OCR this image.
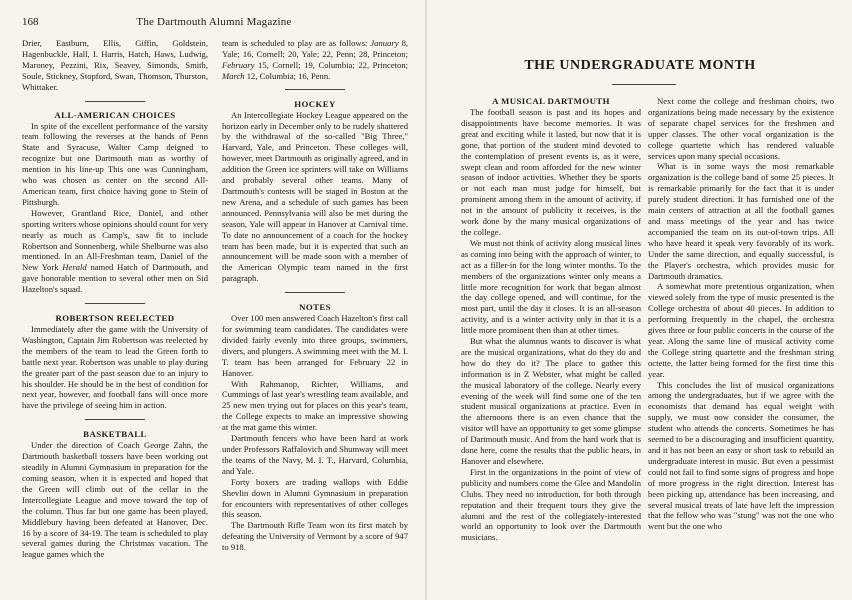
168	The Dartmouth Alumni Magazine

Drier, Eastburn, Ellis, Giffin, Goldstein, Hagenbuckle, Hall, I. Harris, Hatch, Haws, Ludwig, Maroney, Pezzini, Rix, Seavey, Simonds, Smith, Soule, Stickney, Stopford, Swan, Thomson, Thurston, Whittaker.

ALL-AMERICAN CHOICES

In spite of the excellent performance of the varsity team following the reverses at the hands of Penn State and Syracuse, Walter Camp deigned to recognize but one Dartmouth man as worthy of mention in his line-up This one was Cunningham, who was chosen as center on the second All-American team, first choice having gone to Stein of Pittsburgh.

However, Grantland Rice, Daniel, and other sporting writers whose opinions should count for very nearly as much as Camp's, saw fit to include Robertson and Sonnenberg, while Shelburne was also mentioned. In an All-Freshman team, Daniel of the New York Herald named Hatch of Dartmouth, and gave honorable mention to several other men on Sid Hazelton's squad.

ROBERTSON REELECTED

Immediately after the game with the University of Washington, Captain Jim Robertson was reelected by the members of the team to lead the Green forth to battle next year. Robertson was unable to play during the greater part of the past season due to an injury to his shoulder. He should be in the best of condition for next year, however, and football fans will once more have the privilege of seeing him in action.

BASKETBALL

Under the direction of Coach George Zahn, the Dartmouth basketball tossers have been working out steadily in Alumni Gymnasium in preparation for the coming season, when it is expected and hoped that the Green will climb out of the cellar in the Intercollegiate League and move toward the top of the column. Thus far but one game has been played, Middlebury having been defeated at Hanover, Dec. 16 by a score of 34-19. The team is scheduled to play several games during the Christmas vacation. The league games which the

team is scheduled to play are as follows: January 8, Yale; 16, Cornell; 20, Yale; 22, Penn; 28, Princeton; February 15, Cornell; 19, Columbia; 22, Princeton; March 12, Columbia; 16, Penn.

HOCKEY

An Intercollegiate Hockey League appeared on the horizon early in December only to be rudely shattered by the withdrawal of the so-called "Big Three," Harvard, Yale, and Princeton. These colleges will, however, meet Dartmouth as originally agreed, and in addition the Green ice sprinters will take on Williams and probably several other teams. Many of Dartmouth's contests will be staged in Boston at the new Arena, and a schedule of such games has been announced. Pennsylvania will also be met during the season, Yale will appear in Hanover at Carnival time. To date no announcement of a coach for the hockey team has been made, but it is expected that such an announcement will be made soon with a member of the American Olympic team named in the first paragraph.

NOTES

Over 100 men answered Coach Hazelton's first call for swimming team candidates. The candidates were divided fairly evenly into three groups, swimmers, divers, and plungers. A swimming meet with the M. I. T. team has been arranged for February 22 in Hanover.

With Rahmanop, Richter, Williams, and Cummings of last year's wrestling team available, and 25 new men trying out for places on this year's team, the College expects to make an impressive showing at the mat game this winter.

Dartmouth fencers who have been hard at work under Professors Raffalovich and Shumway will meet the teams of the Navy, M. I. T., Harvard, Columbia, and Yale.

Forty boxers are trading wallops with Eddie Shevlin down in Alumni Gymnasium in preparation for encounters with representatives of other colleges this season.

The Dartmouth Rifle Team won its first match by defeating the University of Vermont by a score of 947 to 918.

THE UNDERGRADUATE MONTH
A MUSICAL DARTMOUTH

The football season is past and its hopes and disappointments have become memories. It was great and exciting while it lasted, but now that it is gone, that portion of the student mind devoted to the contemplation of present events is, as it were, swept clean and room afforded for the new winter season of indoor activities. Whether they be sports or not each man must judge for himself, but prominent among them in the amount of activity, if not in the amount of publicity it receives, is the work done by the many musical organizations of the college.

We must not think of activity along musical lines as coming into being with the approach of winter, to act as a filler-in for the long winter months. To the members of the organizations winter only means a little more recognition for work that began almost the day college opened, and will continue, for the most part, until the day it closes. It is an all-season activity, and is a winter activity only in that it is a little more prominent then than at other times.

But what the alumnus wants to discover is what are the musical organizations, what do they do and how do they do it? The place to gather this information is in Z Webster, what might be called the musical laboratory of the college. Nearly every evening of the week will find some one of the ten student musical organizations at practice. Even in the afternoons there is an even chance that the visitor will have an opportunity to get some glimpse of Dartmouth music. And from the hard work that is done here, come the results that the public hears, in Hanover and elsewhere.

First in the organizations in the point of view of publicity and numbers come the Glee and Mandolin Clubs. They need no introduction, for both through reputation and their frequent tours they give the alumni and the rest of the collegiately-interested world an opportunity to look over the Dartmouth musicians.

Next come the college and freshman choirs, two organizations being made necessary by the existence of separate chapel services for the freshmen and upper classes. The other vocal organization is the college quartette which has rendered valuable services upon many special occasions.

What is in some ways the most remarkable organization is the college band of some 25 pieces. It is remarkable primarily for the fact that it is under purely student direction. It has furnished one of the main centers of attraction at all the football games and mass meetings of the year and has twice accompanied the team on its out-of-town trips. All who have heard it speak very favorably of its work. Under the same direction, and equally successful, is the Player's orchestra, which provides music for Dartmouth dramatics.

A somewhat more pretentious organization, when viewed solely from the type of music presented is the College orchestra of about 40 pieces. In addition to performing frequently in the chapel, the orchestra gives three or four public concerts in the course of the year. Along the same line of musical activity come the College string quartette and the freshman string octette, the latter being formed for the first time this year.

This concludes the list of musical organizations among the undergraduates, but if we agree with the economists that demand has equal weight with supply, we must now consider the consumer, the student who attends the concerts. Sometimes he has seemed to be a discouraging and insufficient quantity, and it has not been an easy or short task to rebuild an undergraduate interest in music. But even a pessimist could not fail to find some signs of progress and hope of more progress in the right direction. Interest has been picking up, attendance has been increasing, and several musical treats of late have left the impression that the fellow who was "stung" was not the one who went but the one who
